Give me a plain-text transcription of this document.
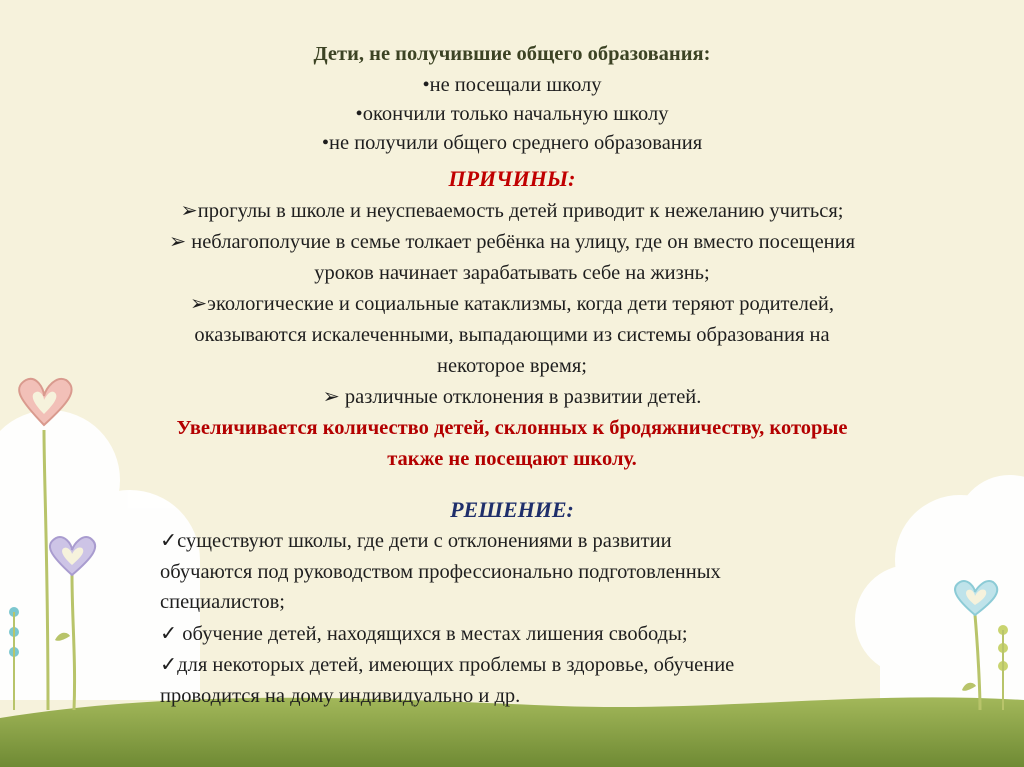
Дети, не получившие общего образования:
•не посещали школу
•окончили только начальную школу
•не получили общего среднего образования
ПРИЧИНЫ:
➢прогулы в школе и неуспеваемость детей приводит к нежеланию учиться;
➢ неблагополучие в семье толкает ребёнка на улицу, где он вместо посещения
уроков начинает зарабатывать себе на жизнь;
➢экологические и социальные катаклизмы, когда дети теряют родителей,
оказываются искалеченными, выпадающими из системы образования на
некоторое время;
➢ различные отклонения в развитии детей.
Увеличивается количество детей, склонных к бродяжничеству, которые
также не посещают школу.
РЕШЕНИЕ:
✓существуют школы, где дети с отклонениями в развитии
обучаются под руководством профессионально подготовленных
специалистов;
✓ обучение детей, находящихся в местах лишения свободы;
✓для некоторых детей, имеющих проблемы в здоровье, обучение
проводится на дому индивидуально и др.
